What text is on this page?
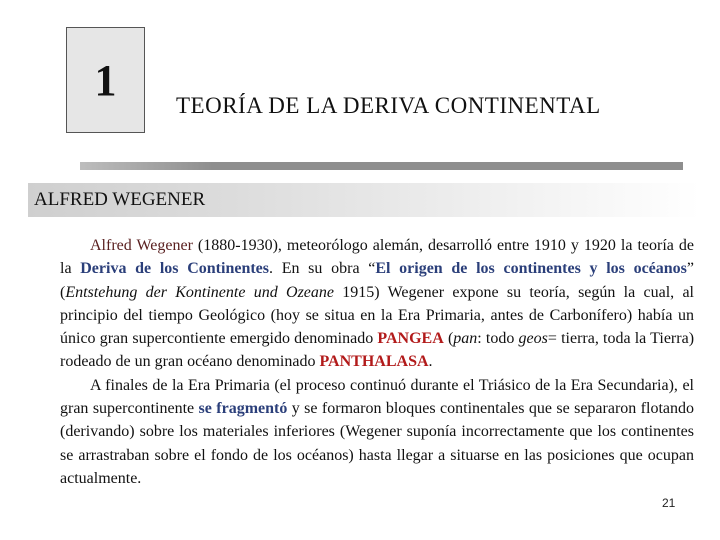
1
TEORÍA DE LA DERIVA CONTINENTAL
ALFRED WEGENER

Alfred Wegener (1880-1930), meteorólogo alemán, desarrolló entre 1910 y 1920 la teoría de la Deriva de los Continentes. En su obra “El origen de los continentes y los océanos” (Entstehung der Kontinente und Ozeane 1915) Wegener expone su teoría, según la cual, al principio del tiempo Geológico (hoy se situa en la Era Primaria, antes de Carbonífero) había un único gran supercontiente emergido denominado PANGEA (pan: todo geos= tierra, toda la Tierra) rodeado de un gran océano denominado PANTHALASA.

A finales de la Era Primaria (el proceso continuó durante el Triásico de la Era Secundaria), el gran supercontinente se fragmentó y se formaron bloques continentales que se separaron flotando (derivando) sobre los materiales inferiores (Wegener suponía incorrectamente que los continentes se arrastraban sobre el fondo de los océanos) hasta llegar a situarse en las posiciones que ocupan actualmente.

21
